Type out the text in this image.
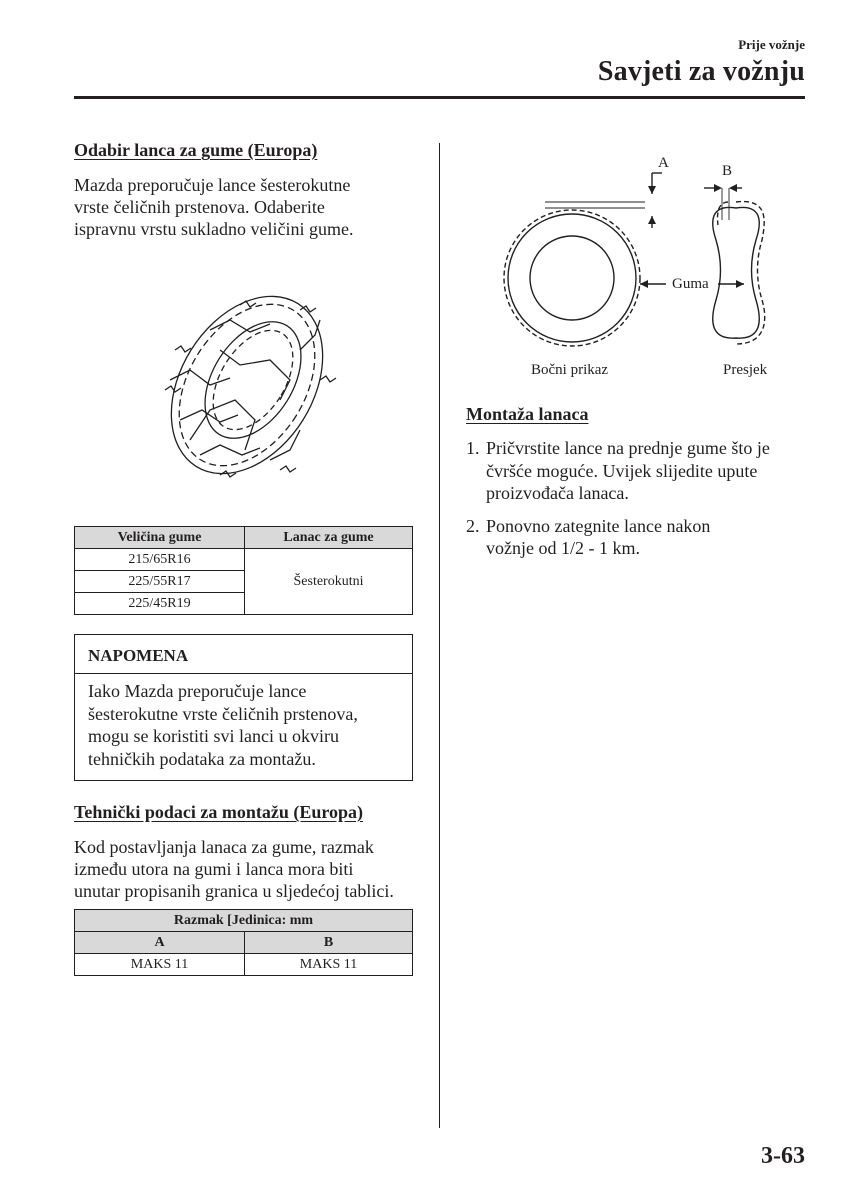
Prije vožnje
Savjeti za vožnju
Odabir lanca za gume (Europa)
Mazda preporučuje lance šesterokutne
vrste čeličnih prstenova. Odaberite
ispravnu vrstu sukladno veličini gume.
Veličina gume	Lanac za gume
215/65R16	Šesterokutni
225/55R17	
225/45R19	
NAPOMENA
Iako Mazda preporučuje lance
šesterokutne vrste čeličnih prstenova,
mogu se koristiti svi lanci u okviru
tehničkih podataka za montažu.
Tehnički podaci za montažu (Europa)
Kod postavljanja lanaca za gume, razmak
između utora na gumi i lanca mora biti
unutar propisanih granica u sljedećoj tablici.
Razmak [Jedinica: mm	
A	B
MAKS 11	MAKS 11
A	B
Guma
Bočni prikaz	Presjek
Montaža lanaca
1. Pričvrstite lance na prednje gume što je
čvršće moguće. Uvijek slijedite upute
proizvođača lanaca.
2. Ponovno zategnite lance nakon
vožnje od 1/2 - 1 km.
3-63
